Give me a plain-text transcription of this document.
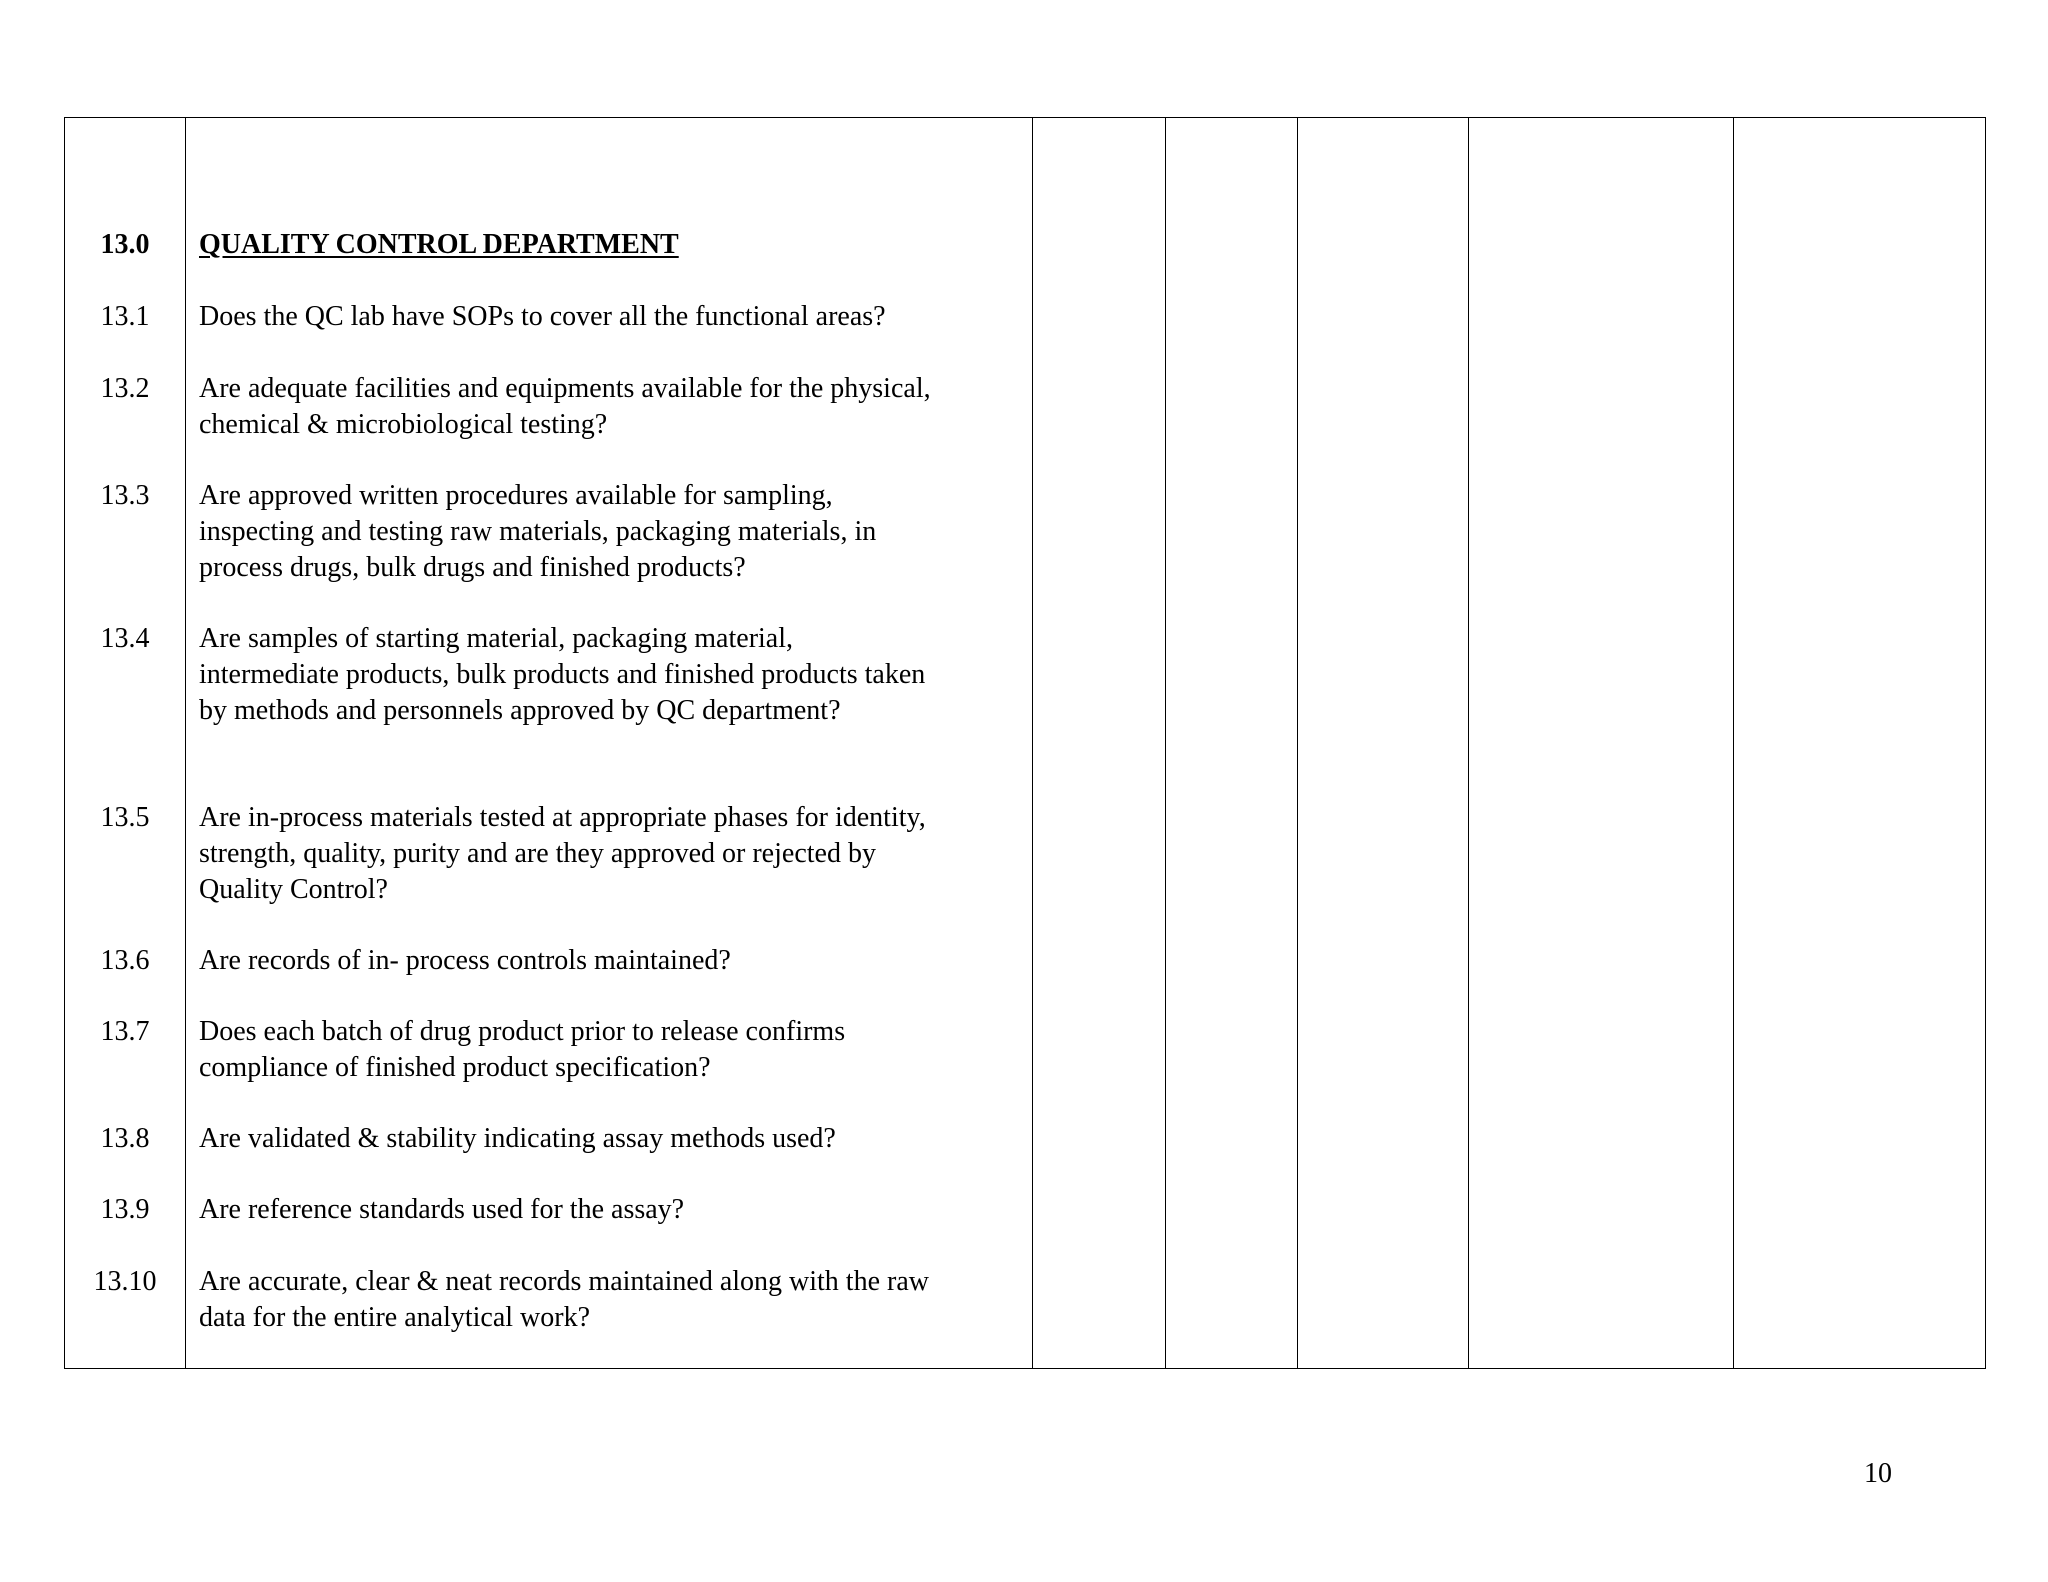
13.0	QUALITY CONTROL DEPARTMENT
13.1	Does the QC lab have SOPs to cover all the functional areas?
13.2	Are adequate facilities and equipments available for the physical,
chemical & microbiological testing?
13.3	Are approved written procedures available for sampling,
inspecting and testing raw materials, packaging materials, in
process drugs, bulk drugs and finished products?
13.4	Are samples of starting material, packaging material,
intermediate products, bulk products and finished products taken
by methods and personnels approved by QC department?
13.5	Are in-process materials tested at appropriate phases for identity,
strength, quality, purity and are they approved or rejected by
Quality Control?
13.6	Are records of in- process controls maintained?
13.7	Does each batch of drug product prior to release confirms
compliance of finished product specification?
13.8	Are validated & stability indicating assay methods used?
13.9	Are reference standards used for the assay?
13.10	Are accurate, clear & neat records maintained along with the raw
data for the entire analytical work?
10
